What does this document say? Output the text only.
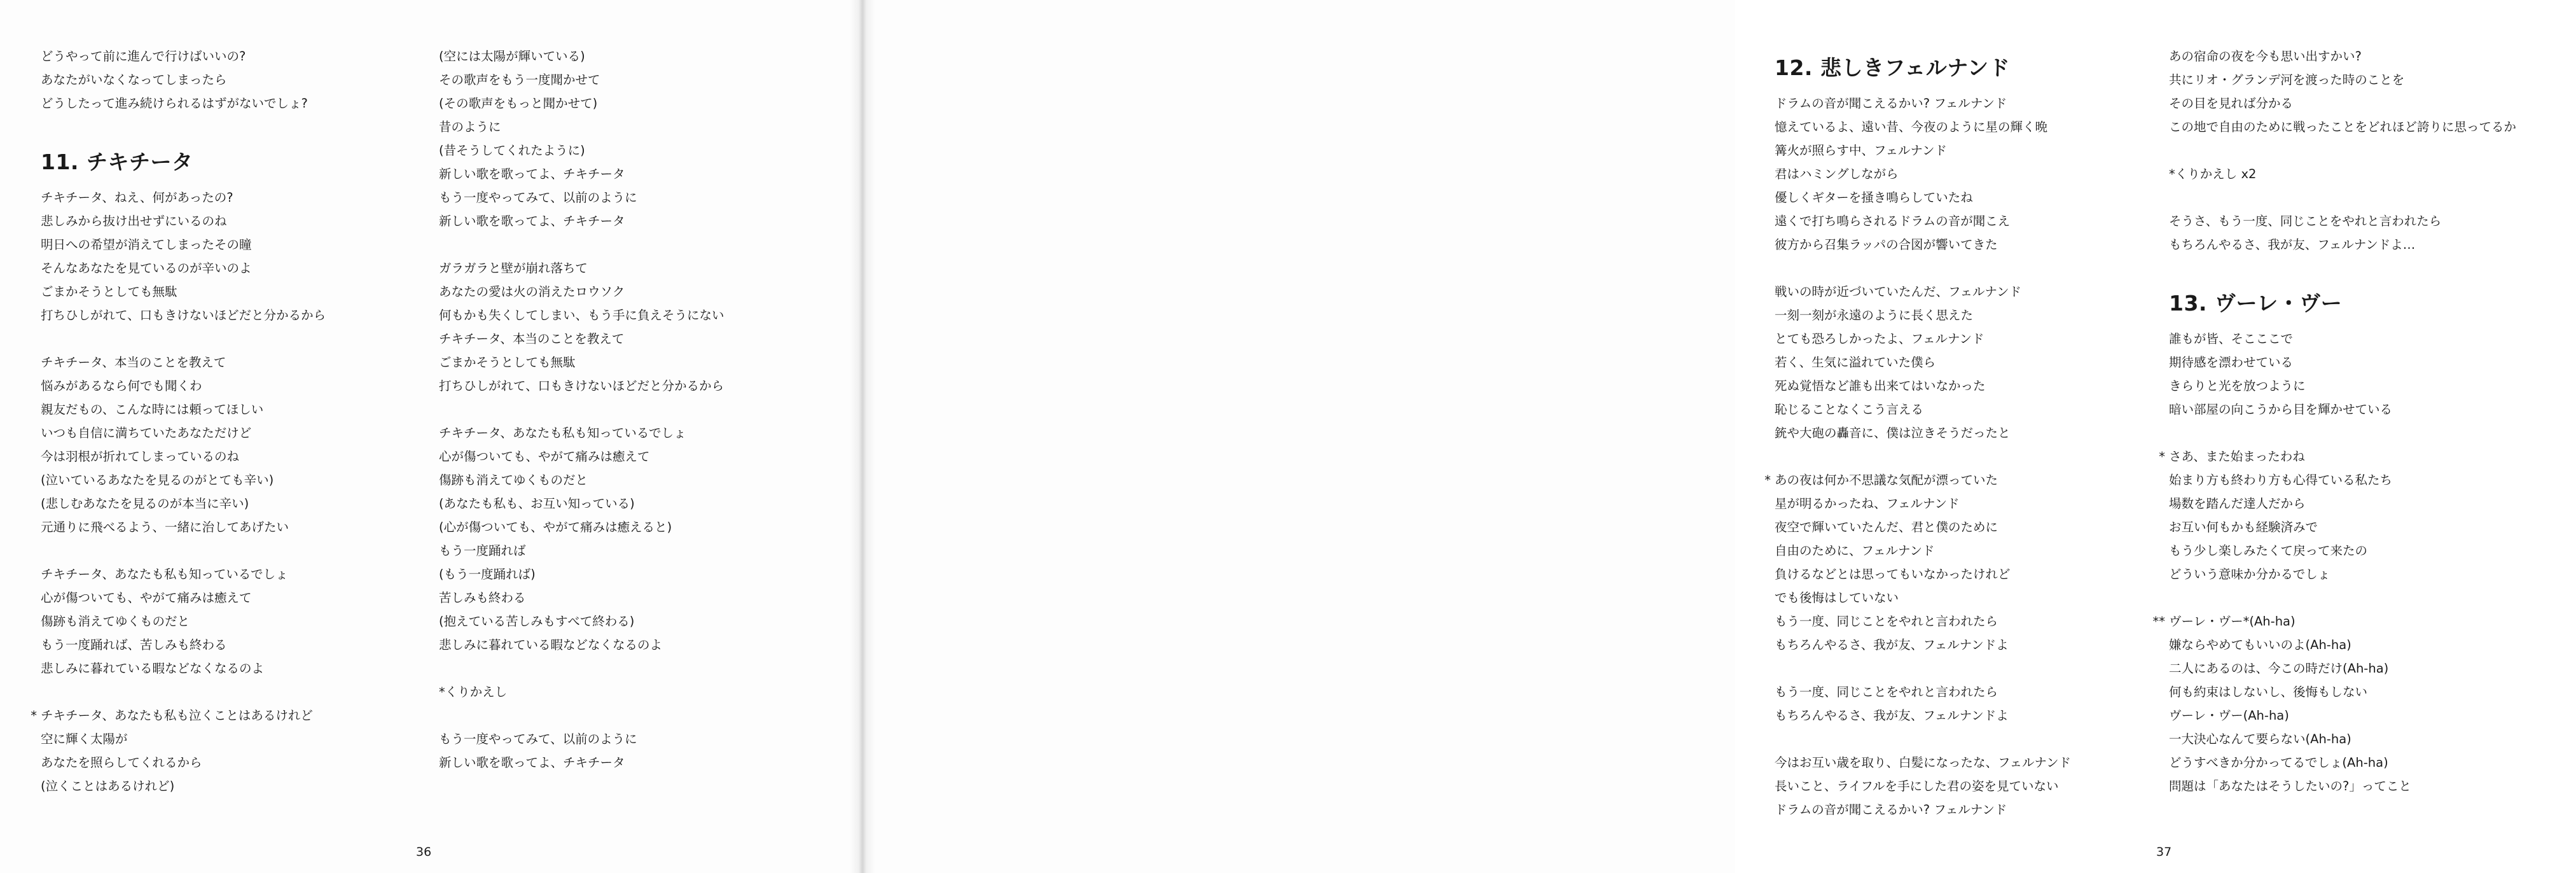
どうやって前に進んで行けばいいの?
あなたがいなくなってしまったら
どうしたって進み続けられるはずがないでしょ?
11. チキチータ
チキチータ、ねえ、何があったの?
悲しみから抜け出せずにいるのね
明日への希望が消えてしまったその瞳
そんなあなたを見ているのが辛いのよ
ごまかそうとしても無駄
打ちひしがれて、口もきけないほどだと分かるから
チキチータ、本当のことを教えて
悩みがあるなら何でも聞くわ
親友だもの、こんな時には頼ってほしい
いつも自信に満ちていたあなただけど
今は羽根が折れてしまっているのね
(泣いているあなたを見るのがとても辛い)
(悲しむあなたを見るのが本当に辛い)
元通りに飛べるよう、一緒に治してあげたい
チキチータ、あなたも私も知っているでしょ
心が傷ついても、やがて痛みは癒えて
傷跡も消えてゆくものだと
もう一度踊れば、苦しみも終わる
悲しみに暮れている暇などなくなるのよ
* チキチータ、あなたも私も泣くことはあるけれど
空に輝く太陽が
あなたを照らしてくれるから
(泣くことはあるけれど)
(空には太陽が輝いている)
その歌声をもう一度聞かせて
(その歌声をもっと聞かせて)
昔のように
(昔そうしてくれたように)
新しい歌を歌ってよ、チキチータ
もう一度やってみて、以前のように
新しい歌を歌ってよ、チキチータ
ガラガラと壁が崩れ落ちて
あなたの愛は火の消えたロウソク
何もかも失くしてしまい、もう手に負えそうにない
チキチータ、本当のことを教えて
ごまかそうとしても無駄
打ちひしがれて、口もきけないほどだと分かるから
チキチータ、あなたも私も知っているでしょ
心が傷ついても、やがて痛みは癒えて
傷跡も消えてゆくものだと
(あなたも私も、お互い知っている)
(心が傷ついても、やがて痛みは癒えると)
もう一度踊れば
(もう一度踊れば)
苦しみも終わる
(抱えている苦しみもすべて終わる)
悲しみに暮れている暇などなくなるのよ
*くりかえし
もう一度やってみて、以前のように
新しい歌を歌ってよ、チキチータ
36
12. 悲しきフェルナンド
ドラムの音が聞こえるかい? フェルナンド
憶えているよ、遠い昔、今夜のように星の輝く晩
篝火が照らす中、フェルナンド
君はハミングしながら
優しくギターを掻き鳴らしていたね
遠くで打ち鳴らされるドラムの音が聞こえ
彼方から召集ラッパの合図が響いてきた
戦いの時が近づいていたんだ、フェルナンド
一刻一刻が永遠のように長く思えた
とても恐ろしかったよ、フェルナンド
若く、生気に溢れていた僕ら
死ぬ覚悟など誰も出来てはいなかった
恥じることなくこう言える
銃や大砲の轟音に、僕は泣きそうだったと
* あの夜は何か不思議な気配が漂っていた
星が明るかったね、フェルナンド
夜空で輝いていたんだ、君と僕のために
自由のために、フェルナンド
負けるなどとは思ってもいなかったけれど
でも後悔はしていない
もう一度、同じことをやれと言われたら
もちろんやるさ、我が友、フェルナンドよ
もう一度、同じことをやれと言われたら
もちろんやるさ、我が友、フェルナンドよ
今はお互い歳を取り、白髪になったな、フェルナンド
長いこと、ライフルを手にした君の姿を見ていない
ドラムの音が聞こえるかい? フェルナンド
あの宿命の夜を今も思い出すかい?
共にリオ・グランデ河を渡った時のことを
その目を見れば分かる
この地で自由のために戦ったことをどれほど誇りに思ってるか
*くりかえし x2
そうさ、もう一度、同じことをやれと言われたら
もちろんやるさ、我が友、フェルナンドよ…
13. ヴーレ・ヴー
誰もが皆、そこここで
期待感を漂わせている
きらりと光を放つように
暗い部屋の向こうから目を輝かせている
* さあ、また始まったわね
始まり方も終わり方も心得ている私たち
場数を踏んだ達人だから
お互い何もかも経験済みで
もう少し楽しみたくて戻って来たの
どういう意味か分かるでしょ
** ヴーレ・ヴー*(Ah-ha)
嫌ならやめてもいいのよ(Ah-ha)
二人にあるのは、今この時だけ(Ah-ha)
何も約束はしないし、後悔もしない
ヴーレ・ヴー(Ah-ha)
一大決心なんて要らない(Ah-ha)
どうすべきか分かってるでしょ(Ah-ha)
問題は「あなたはそうしたいの?」ってこと
37
